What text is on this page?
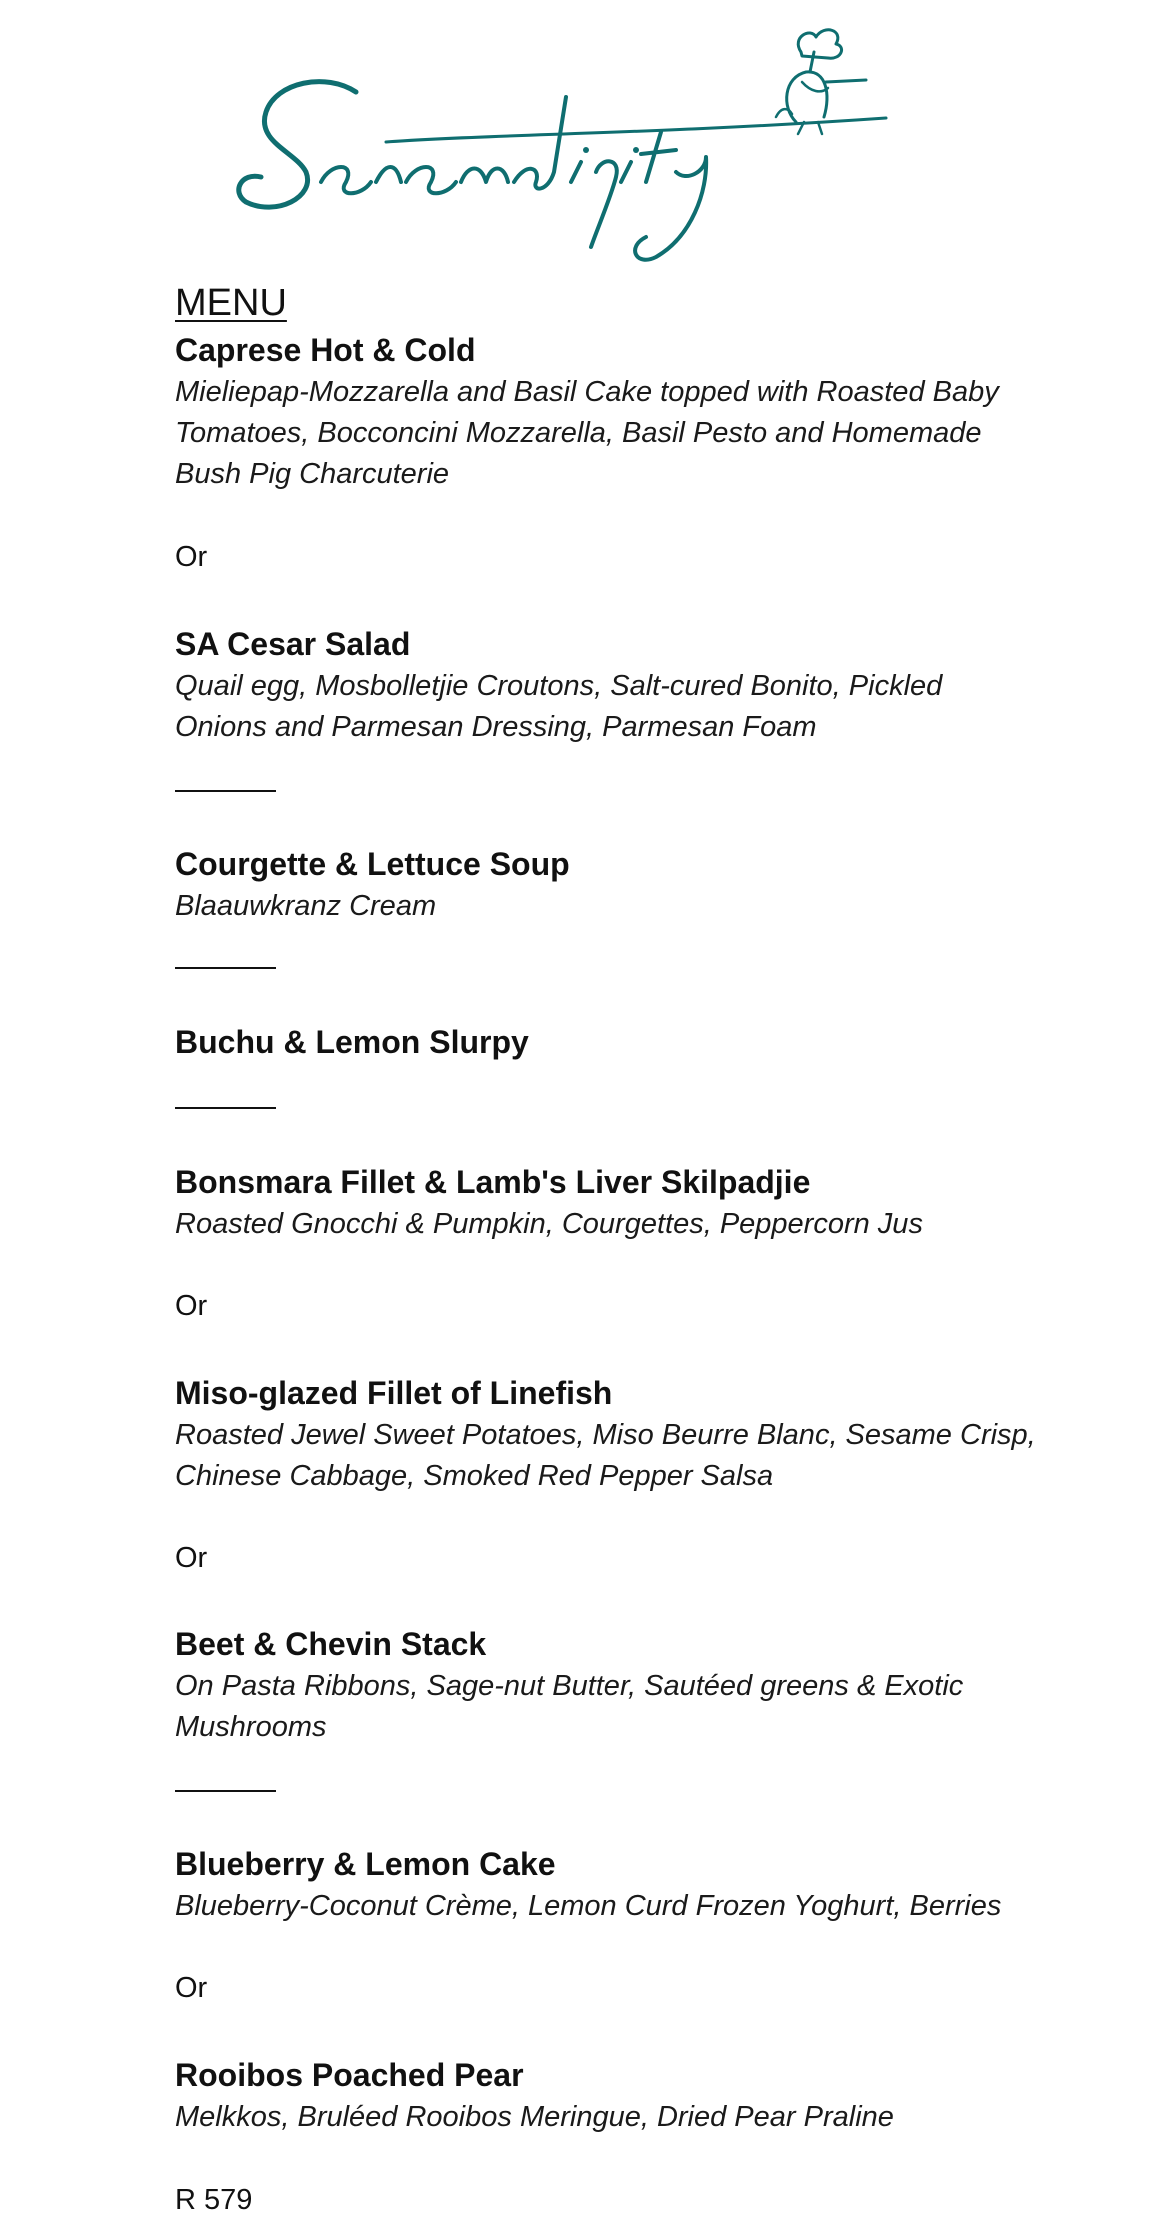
MENU
Caprese Hot & Cold

Mieliepap-Mozzarella and Basil Cake topped with Roasted Baby

Tomatoes, Bocconcini Mozzarella, Basil Pesto and Homemade

Bush Pig Charcuterie

Or

SA Cesar Salad

Quail egg, Mosbolletjie Croutons, Salt-cured Bonito, Pickled

Onions and Parmesan Dressing, Parmesan Foam

Courgette & Lettuce Soup

Blaauwkranz Cream

Buchu & Lemon Slurpy
Bonsmara Fillet & Lamb's Liver Skilpadjie

Roasted Gnocchi & Pumpkin, Courgettes, Peppercorn Jus

Or

Miso-glazed Fillet of Linefish

Roasted Jewel Sweet Potatoes, Miso Beurre Blanc, Sesame Crisp,

Chinese Cabbage, Smoked Red Pepper Salsa

Or

Beet & Chevin Stack

On Pasta Ribbons, Sage-nut Butter, Sautéed greens & Exotic

Mushrooms

Blueberry & Lemon Cake

Blueberry-Coconut Crème, Lemon Curd Frozen Yoghurt, Berries

Or

Rooibos Poached Pear

Melkkos, Bruléed Rooibos Meringue, Dried Pear Praline

R 579
